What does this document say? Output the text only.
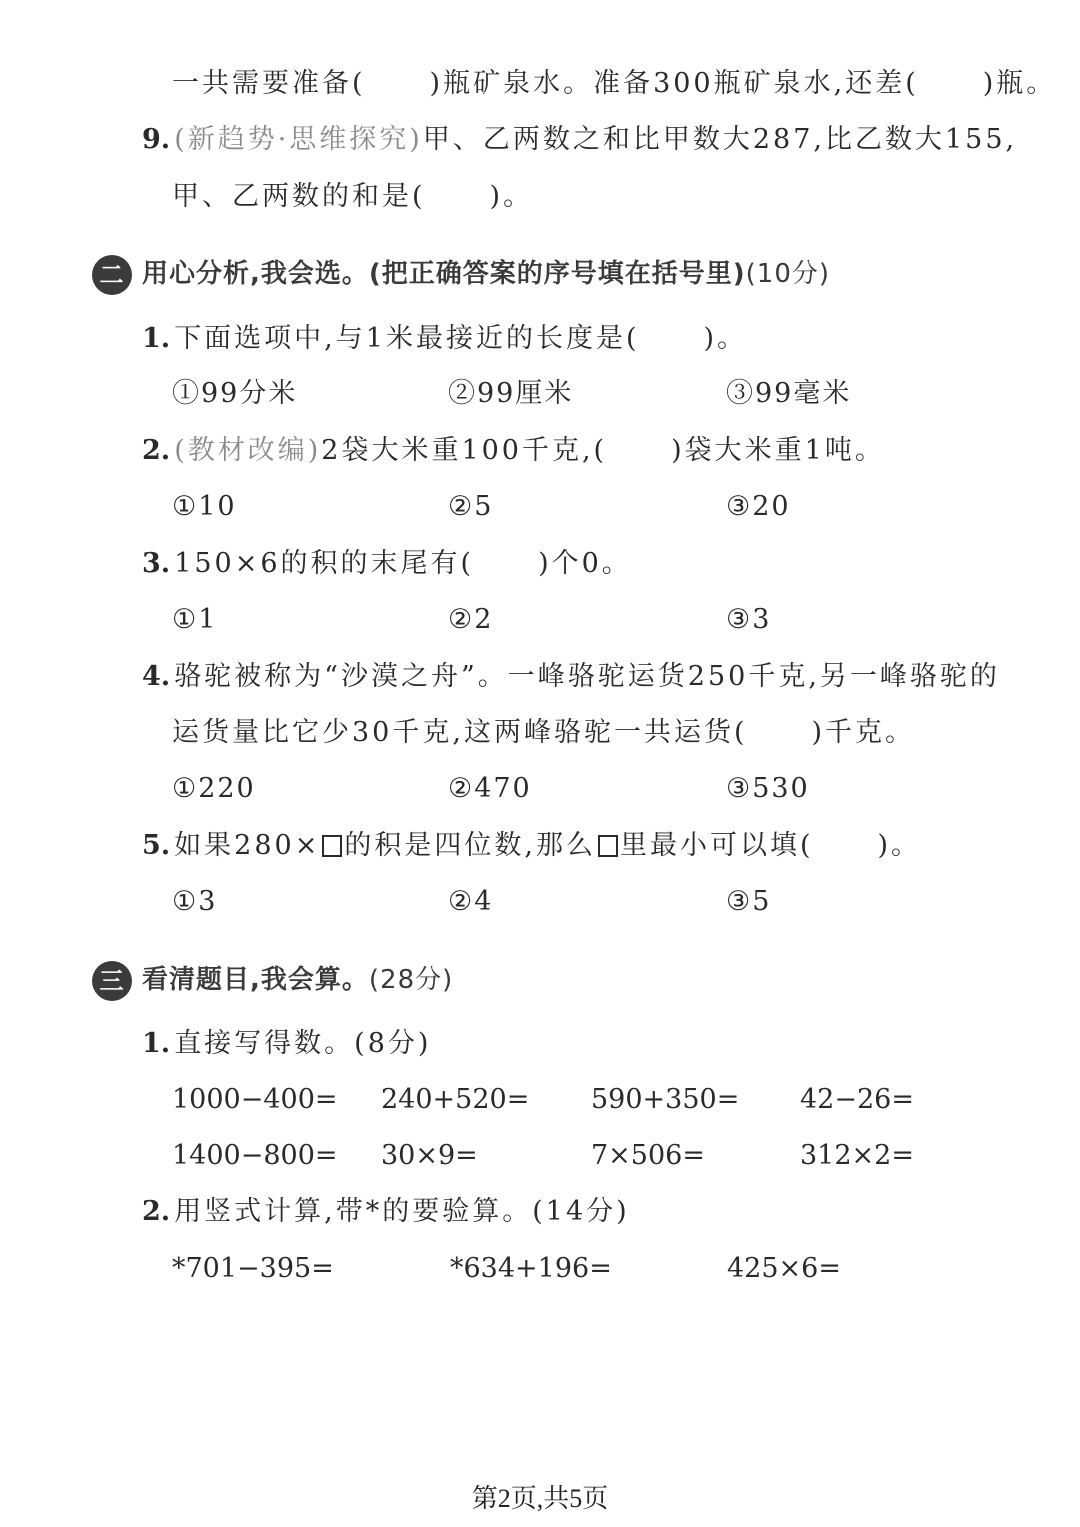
一共需要准备( )瓶矿泉水。准备300瓶矿泉水,还差( )瓶。
9. (新趋势·思维探究)甲、乙两数之和比甲数大287,比乙数大155,
甲、乙两数的和是( )。
二 用心分析,我会选。(把正确答案的序号填在括号里)(10分)
1. 下面选项中,与1米最接近的长度是( )。
①99分米	②99厘米	③99毫米
2. (教材改编)2袋大米重100千克,( )袋大米重1吨。
①10	②5	③20
3. 150×6的积的末尾有( )个0。
①1	②2	③3
4. 骆驼被称为“沙漠之舟”。一峰骆驼运货250千克,另一峰骆驼的
运货量比它少30千克,这两峰骆驼一共运货( )千克。
①220	②470	③530
5. 如果280× 的积是四位数,那么 里最小可以填( )。
①3	②4	③5
三 看清题目,我会算。(28分)
1. 直接写得数。(8分)
1000−400= 240+520= 590+350= 42−26=
1400−800= 30×9=	7×506=	312×2=
2. 用竖式计算,带*的要验算。(14分)
*701−395=	*634+196=	425×6=
第2页,共5页
